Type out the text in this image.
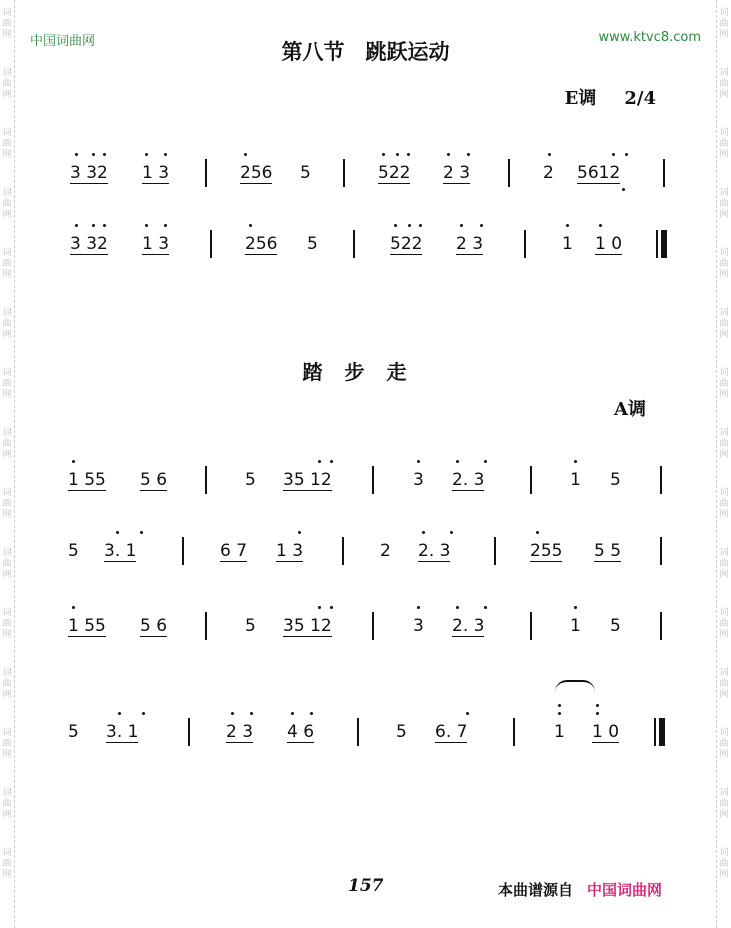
词
曲
网
词
曲
网
词
曲
网
词
曲
网
词
曲
网
词
曲
网
词
曲
网
词
曲
网
词
曲
网
词
曲
网
词
曲
网
词
曲
网
词
曲
网
词
曲
网
词
曲
网
词
曲
网
词
曲
网
词
曲
网
词
曲
网
词
曲
网
词
曲
网
词
曲
网
词
曲
网
词
曲
网
词
曲
网
词
曲
网
词
曲
网
词
曲
网
词
曲
网
词
曲
网
中国词曲网	www.ktvc8.com
第八节　跳跃运动
E调 2/4
3 32 1 3	256 5	522 2 3	2 5612
3 32 1 3	256 5	522 2 3	1 1 0
踏步走
A调
1 55 5 6	5 35 12	3 2. 3	1 5
5 3. 1	6 7 1 3	2 2. 3	255 5 5
1 55 5 6	5 35 12	3 2. 3	1 5
5 3. 1	2 3 4 6	5 6. 7	1 1 0
157	本曲谱源自 中国词曲网
